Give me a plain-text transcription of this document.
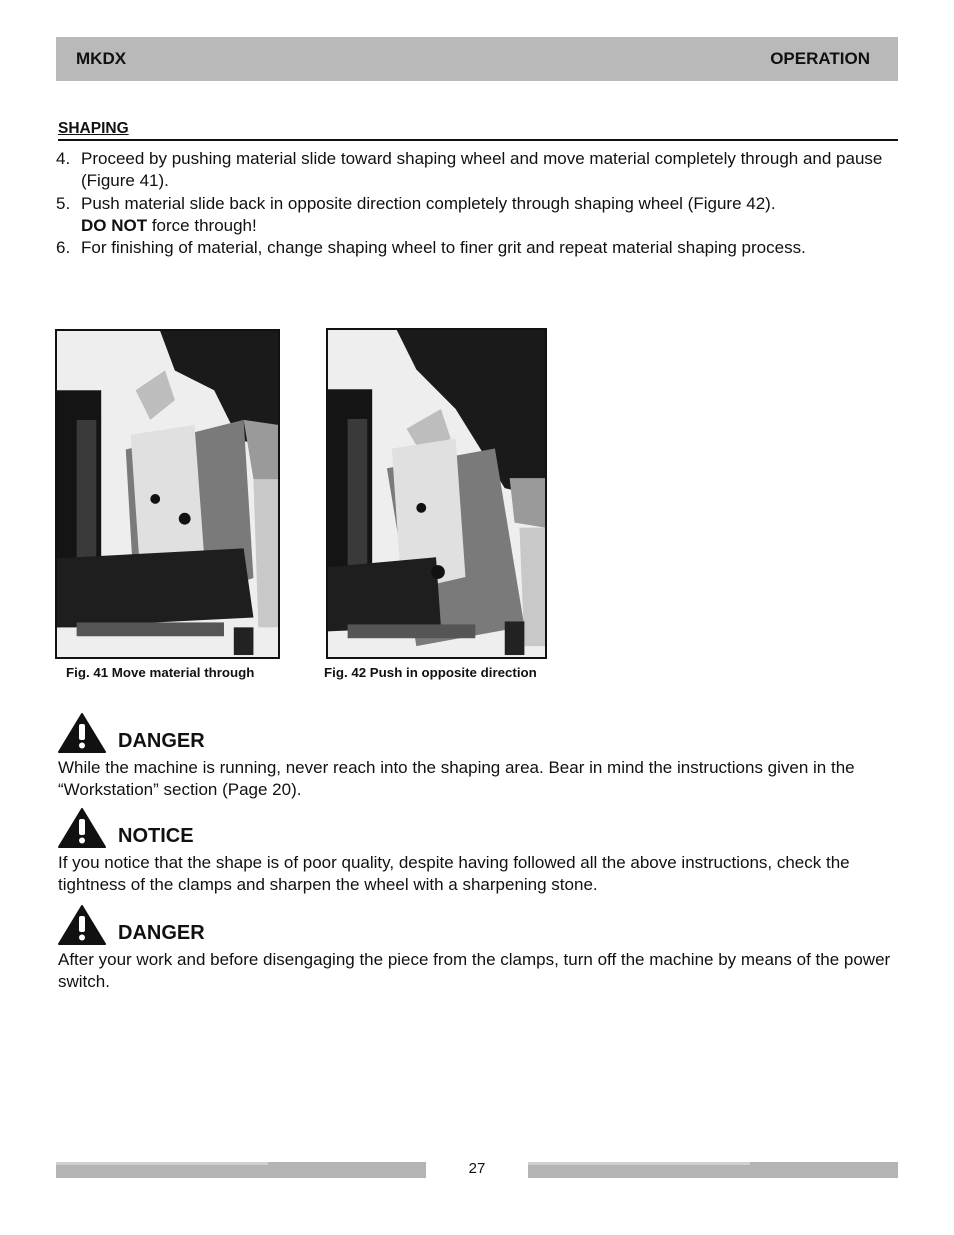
MKDX	OPERATION
SHAPING
4. Proceed by pushing material slide toward shaping wheel and move material completely through and pause (Figure 41).
5. Push material slide back in opposite direction completely through shaping wheel (Figure 42).
DO NOT force through!
6. For finishing of material, change shaping wheel to finer grit and repeat material shaping process.
Fig. 41 Move material through	Fig. 42 Push in opposite direction
DANGER
While the machine is running, never reach into the shaping area. Bear in mind the instructions given in the “Workstation” section (Page 20).
NOTICE
If you notice that the shape is of poor quality, despite having followed all the above instructions, check the tightness of the clamps and sharpen the wheel with a sharpening stone.
DANGER
After your work and before disengaging the piece from the clamps, turn off the machine by means of the power switch.
27
